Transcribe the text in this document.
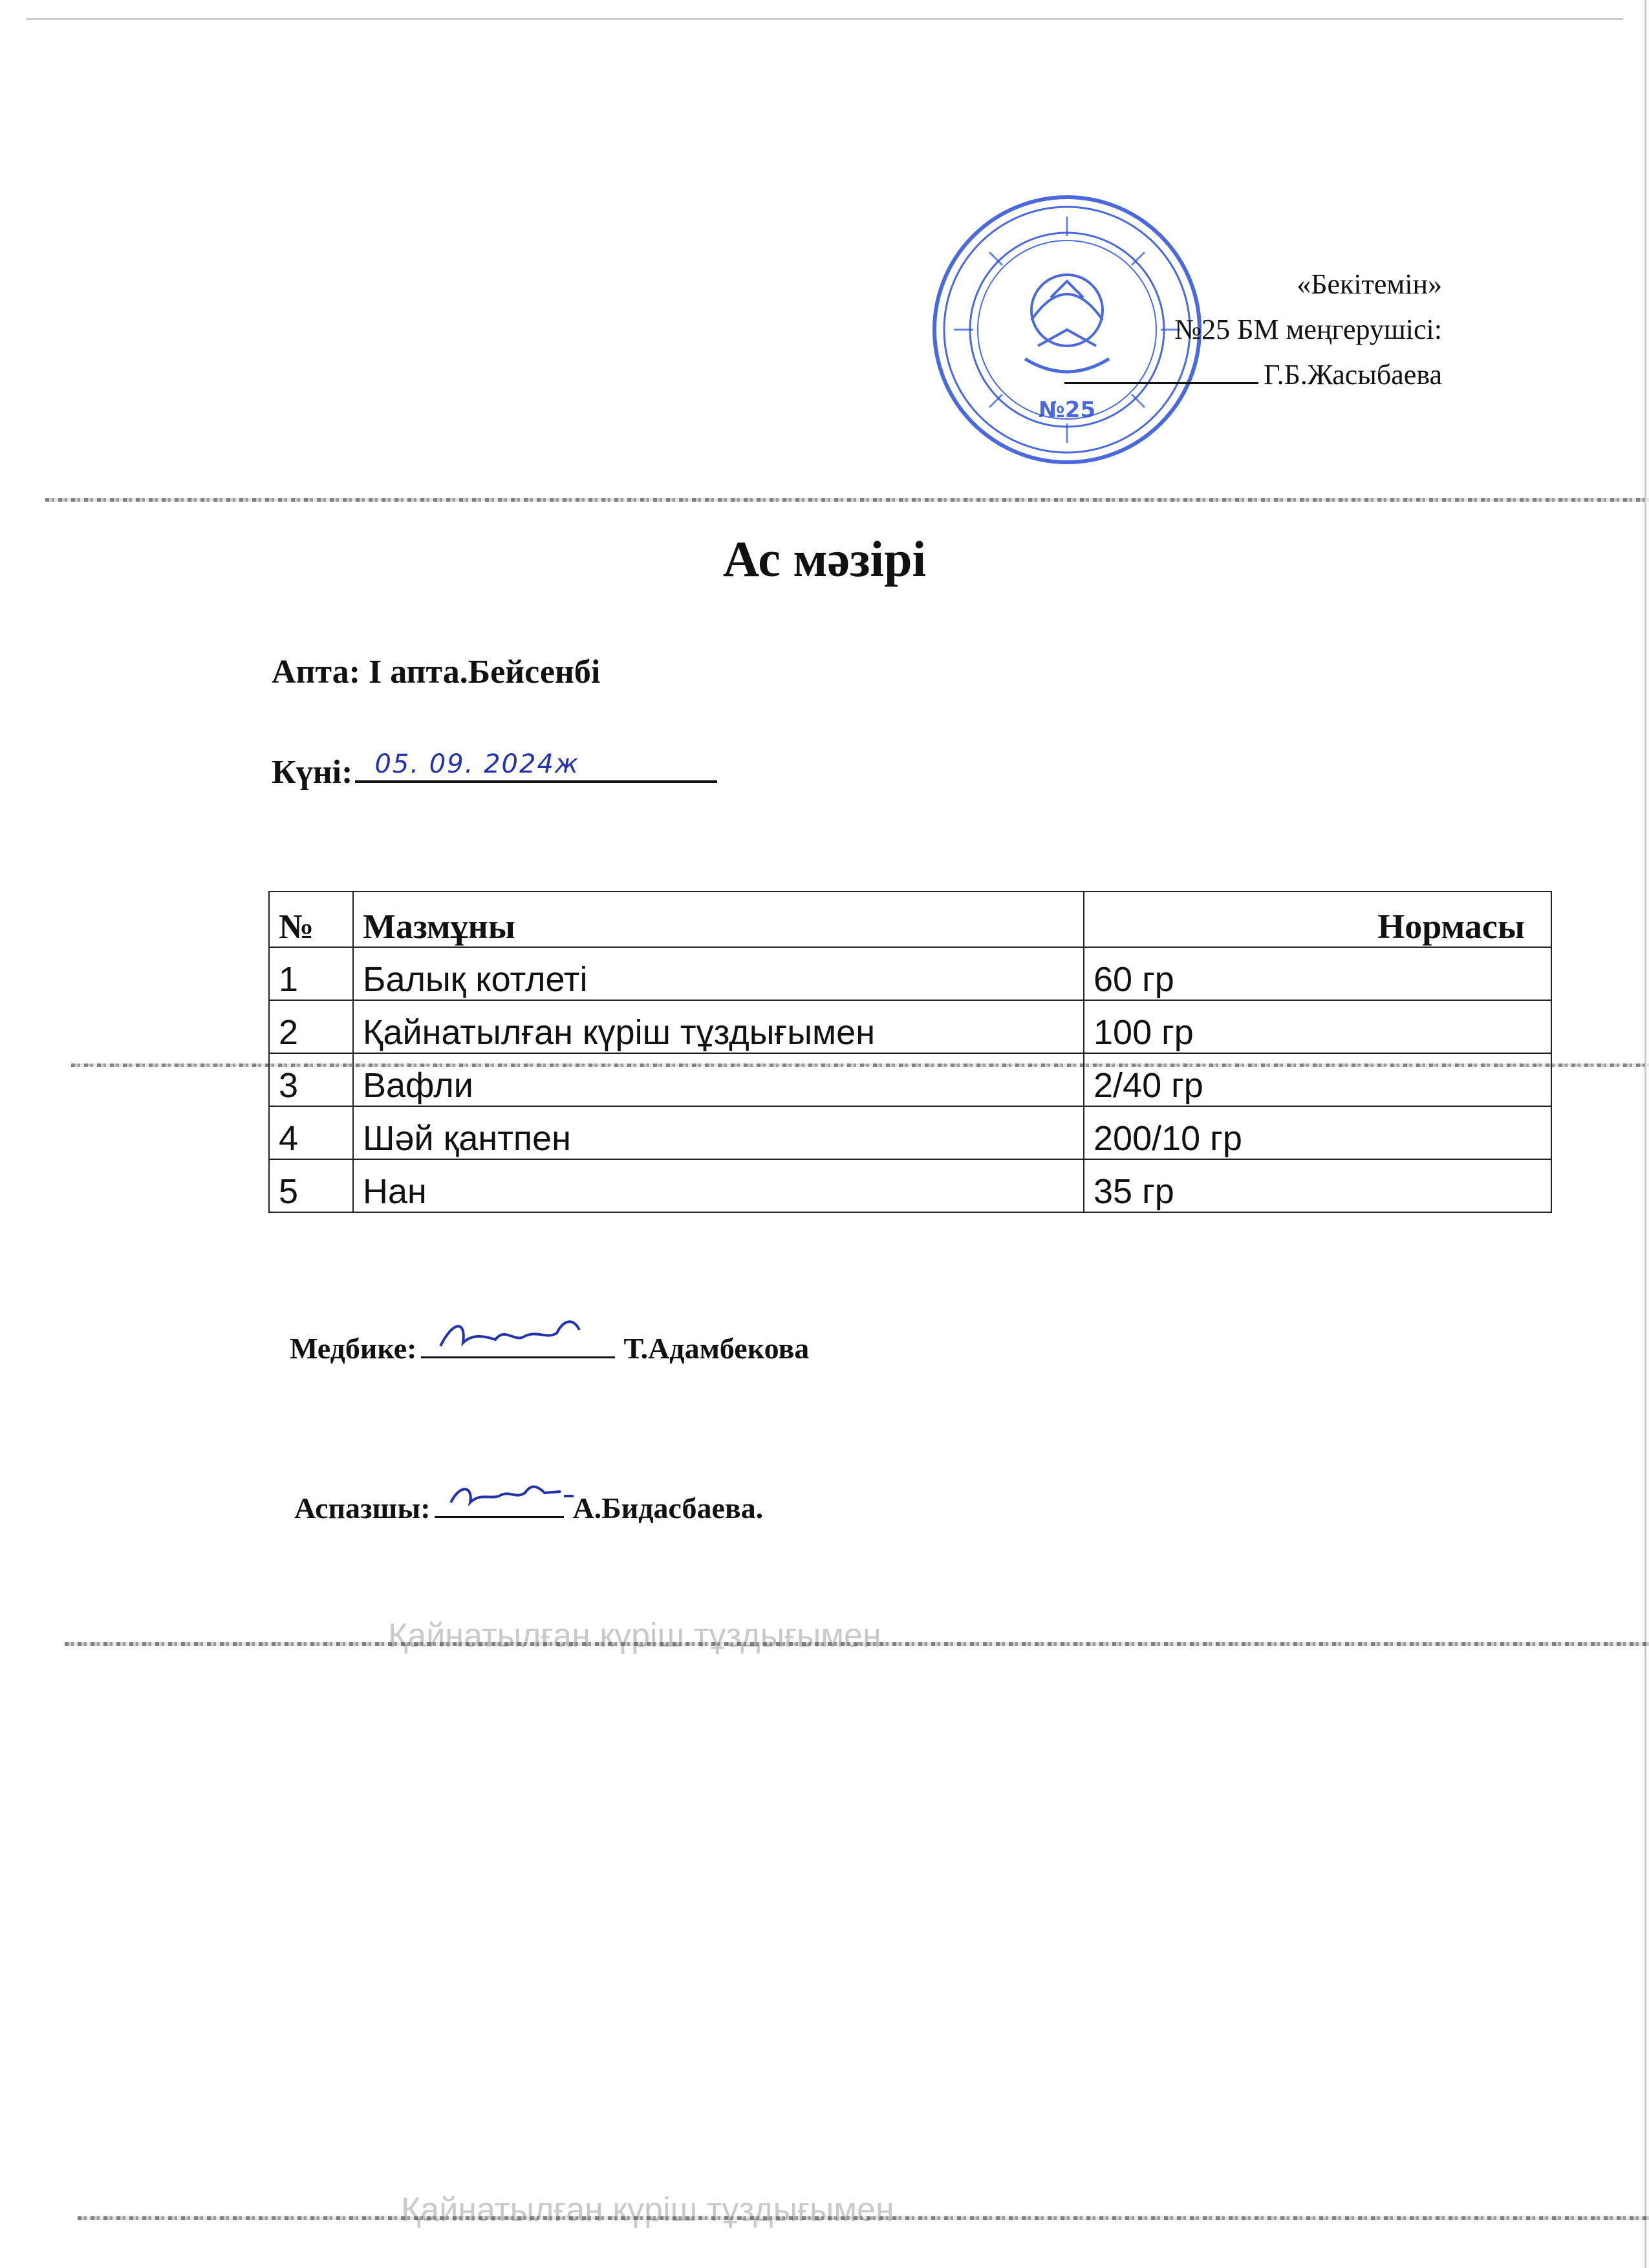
Қайнатылған күріш тұздығымен
Қайнатылған күріш тұздығымен
№25
«Бекітемін»
№25 БМ меңгерушісі:
Г.Б.Жасыбаева
Ас мәзірі
Апта: I апта.Бейсенбі
Күні: 05. 09. 2024ж
№	Мазмұны	Нормасы
1	Балық котлеті	60 гр
2	Қайнатылған күріш тұздығымен	100 гр
3	Вафли	2/40 гр
4	Шәй қантпен	200/10 гр
5	Нан	35 гр
Медбике:	Т.Адамбекова
Аспазшы:	А.Бидасбаева.
